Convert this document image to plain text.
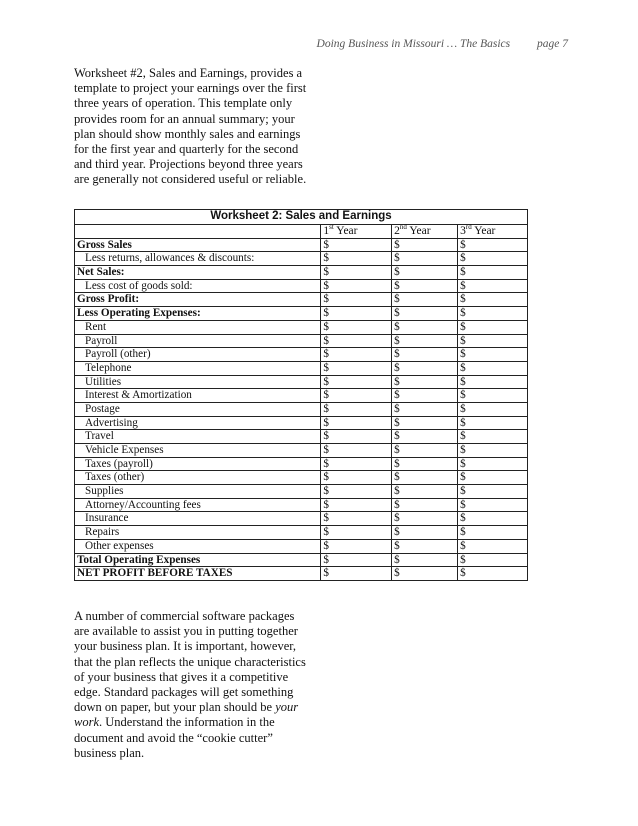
Doing Business in Missouri … The Basics page 7
Worksheet #2, Sales and Earnings, provides a template to project your earnings over the first three years of operation. This template only provides room for an annual summary; your plan should show monthly sales and earnings for the first year and quarterly for the second and third year. Projections beyond three years are generally not considered useful or reliable.
Worksheet 2: Sales and Earnings			
	1st Year	2nd Year	3rd Year
Gross Sales	$	$	$
Less returns, allowances & discounts:	$	$	$
Net Sales:	$	$	$
Less cost of goods sold:	$	$	$
Gross Profit:	$	$	$
Less Operating Expenses:	$	$	$
Rent	$	$	$
Payroll	$	$	$
Payroll (other)	$	$	$
Telephone	$	$	$
Utilities	$	$	$
Interest & Amortization	$	$	$
Postage	$	$	$
Advertising	$	$	$
Travel	$	$	$
Vehicle Expenses	$	$	$
Taxes (payroll)	$	$	$
Taxes (other)	$	$	$
Supplies	$	$	$
Attorney/Accounting fees	$	$	$
Insurance	$	$	$
Repairs	$	$	$
Other expenses	$	$	$
Total Operating Expenses	$	$	$
NET PROFIT BEFORE TAXES	$	$	$
A number of commercial software packages are available to assist you in putting together your business plan. It is important, however, that the plan reflects the unique characteristics of your business that gives it a competitive edge. Standard packages will get something down on paper, but your plan should be your work. Understand the information in the document and avoid the “cookie cutter” business plan.
